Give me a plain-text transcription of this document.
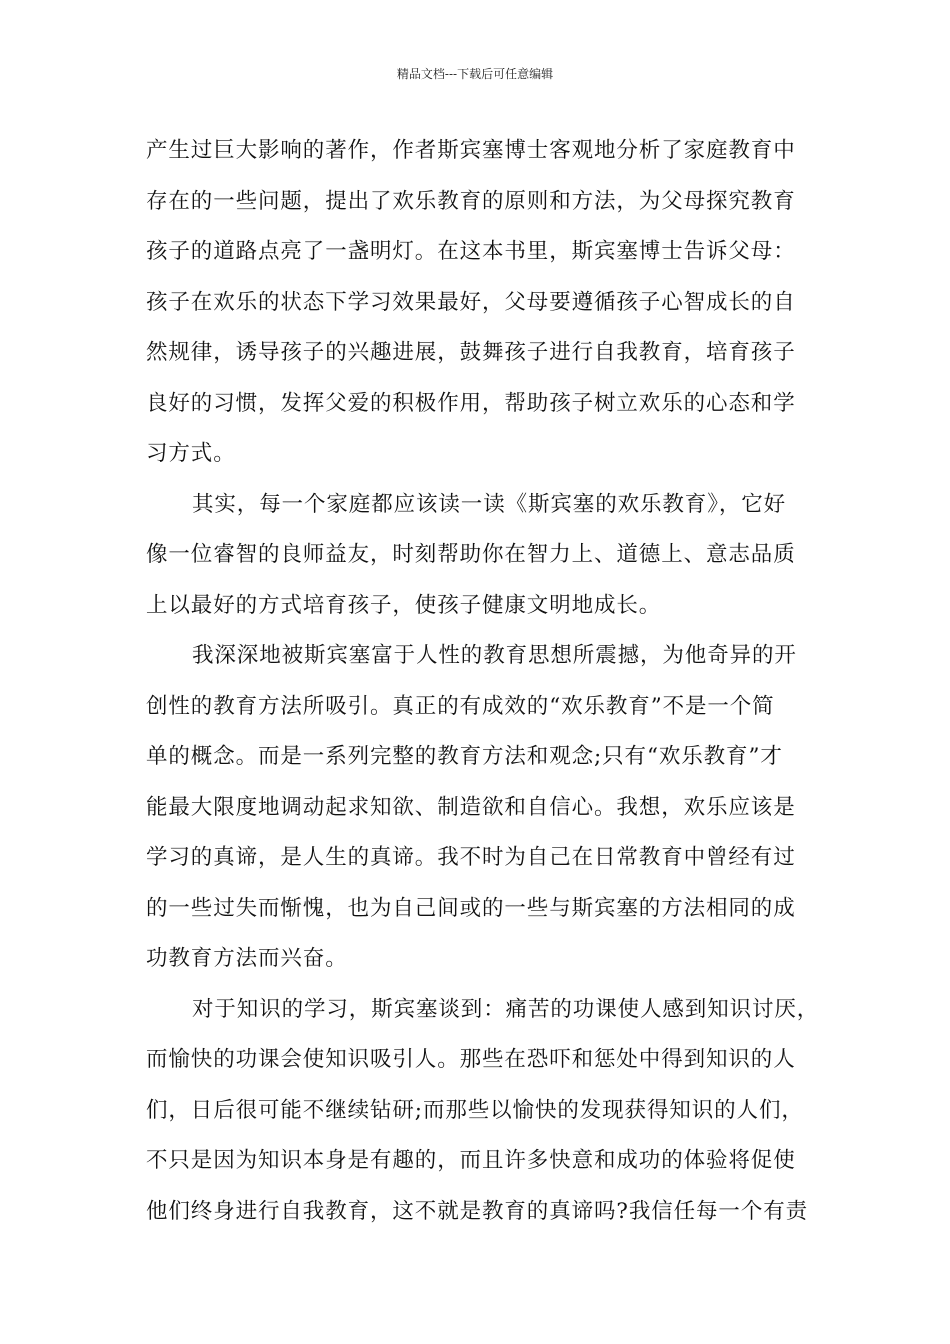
精品文档---下载后可任意编辑

产生过巨大影响的著作，作者斯宾塞博士客观地分析了家庭教育中
存在的一些问题，提出了欢乐教育的原则和方法，为父母探究教育
孩子的道路点亮了一盏明灯。在这本书里，斯宾塞博士告诉父母：
孩子在欢乐的状态下学习效果最好，父母要遵循孩子心智成长的自
然规律，诱导孩子的兴趣进展，鼓舞孩子进行自我教育，培育孩子
良好的习惯，发挥父爱的积极作用，帮助孩子树立欢乐的心态和学
习方式。

其实，每一个家庭都应该读一读《斯宾塞的欢乐教育》，它好
像一位睿智的良师益友，时刻帮助你在智力上、道德上、意志品质
上以最好的方式培育孩子，使孩子健康文明地成长。

我深深地被斯宾塞富于人性的教育思想所震撼，为他奇异的开
创性的教育方法所吸引。真正的有成效的“欢乐教育”不是一个简
单的概念。而是一系列完整的教育方法和观念;只有“欢乐教育”才
能最大限度地调动起求知欲、制造欲和自信心。我想，欢乐应该是
学习的真谛，是人生的真谛。我不时为自己在日常教育中曾经有过
的一些过失而惭愧，也为自己间或的一些与斯宾塞的方法相同的成
功教育方法而兴奋。

对于知识的学习，斯宾塞谈到：痛苦的功课使人感到知识讨厌，
而愉快的功课会使知识吸引人。那些在恐吓和惩处中得到知识的人
们，日后很可能不继续钻研;而那些以愉快的发现获得知识的人们，
不只是因为知识本身是有趣的，而且许多快意和成功的体验将促使
他们终身进行自我教育，这不就是教育的真谛吗?我信任每一个有责
